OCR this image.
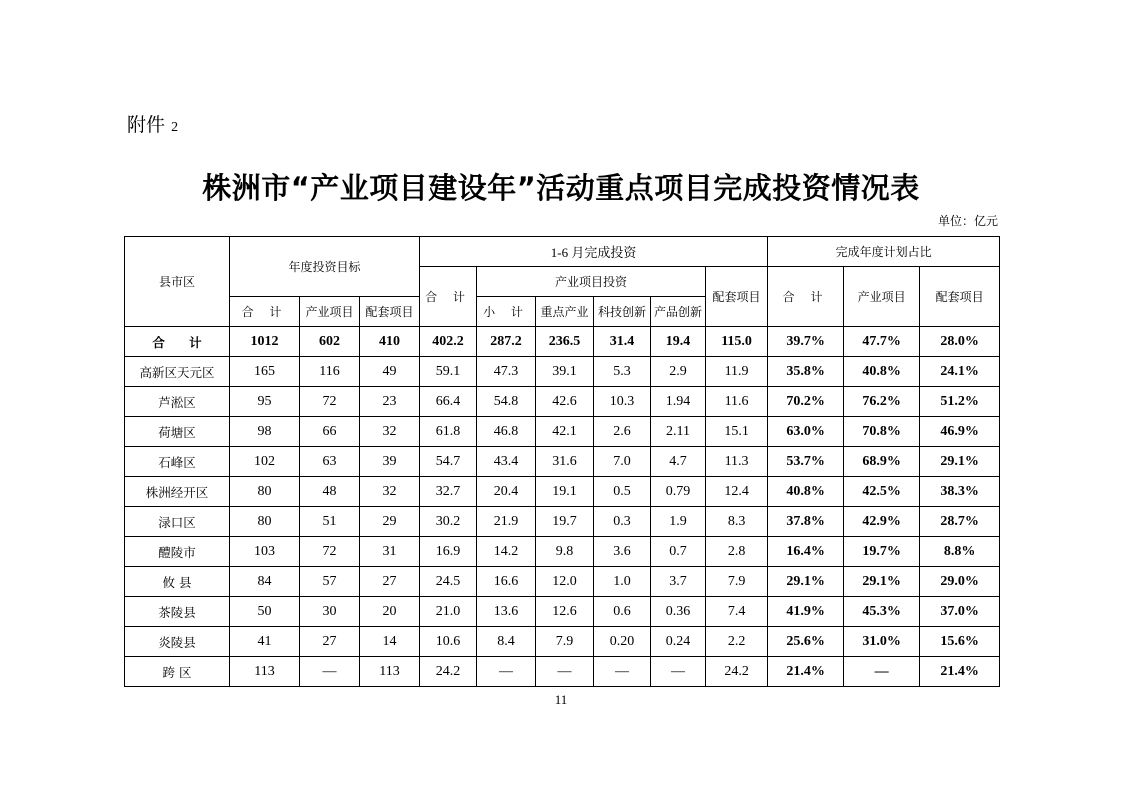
附件 2
株洲市“产业项目建设年”活动重点项目完成投资情况表
单位：亿元
县市区	年度投资目标			1-6 月完成投资						完成年度计划占比		
				合 计	产业项目投资				配套项目	合 计	产业项目	配套项目
	合 计	产业项目	配套项目		小 计	重点产业	科技创新	产品创新				
合 计	1012	602	410	402.2	287.2	236.5	31.4	19.4	115.0	39.7%	47.7%	28.0%
高新区天元区	165	116	49	59.1	47.3	39.1	5.3	2.9	11.9	35.8%	40.8%	24.1%
芦淞区	95	72	23	66.4	54.8	42.6	10.3	1.94	11.6	70.2%	76.2%	51.2%
荷塘区	98	66	32	61.8	46.8	42.1	2.6	2.11	15.1	63.0%	70.8%	46.9%
石峰区	102	63	39	54.7	43.4	31.6	7.0	4.7	11.3	53.7%	68.9%	29.1%
株洲经开区	80	48	32	32.7	20.4	19.1	0.5	0.79	12.4	40.8%	42.5%	38.3%
渌口区	80	51	29	30.2	21.9	19.7	0.3	1.9	8.3	37.8%	42.9%	28.7%
醴陵市	103	72	31	16.9	14.2	9.8	3.6	0.7	2.8	16.4%	19.7%	8.8%
攸 县	84	57	27	24.5	16.6	12.0	1.0	3.7	7.9	29.1%	29.1%	29.0%
茶陵县	50	30	20	21.0	13.6	12.6	0.6	0.36	7.4	41.9%	45.3%	37.0%
炎陵县	41	27	14	10.6	8.4	7.9	0.20	0.24	2.2	25.6%	31.0%	15.6%
跨 区	113	—	113	24.2	—	—	—	—	24.2	21.4%	—	21.4%
11
